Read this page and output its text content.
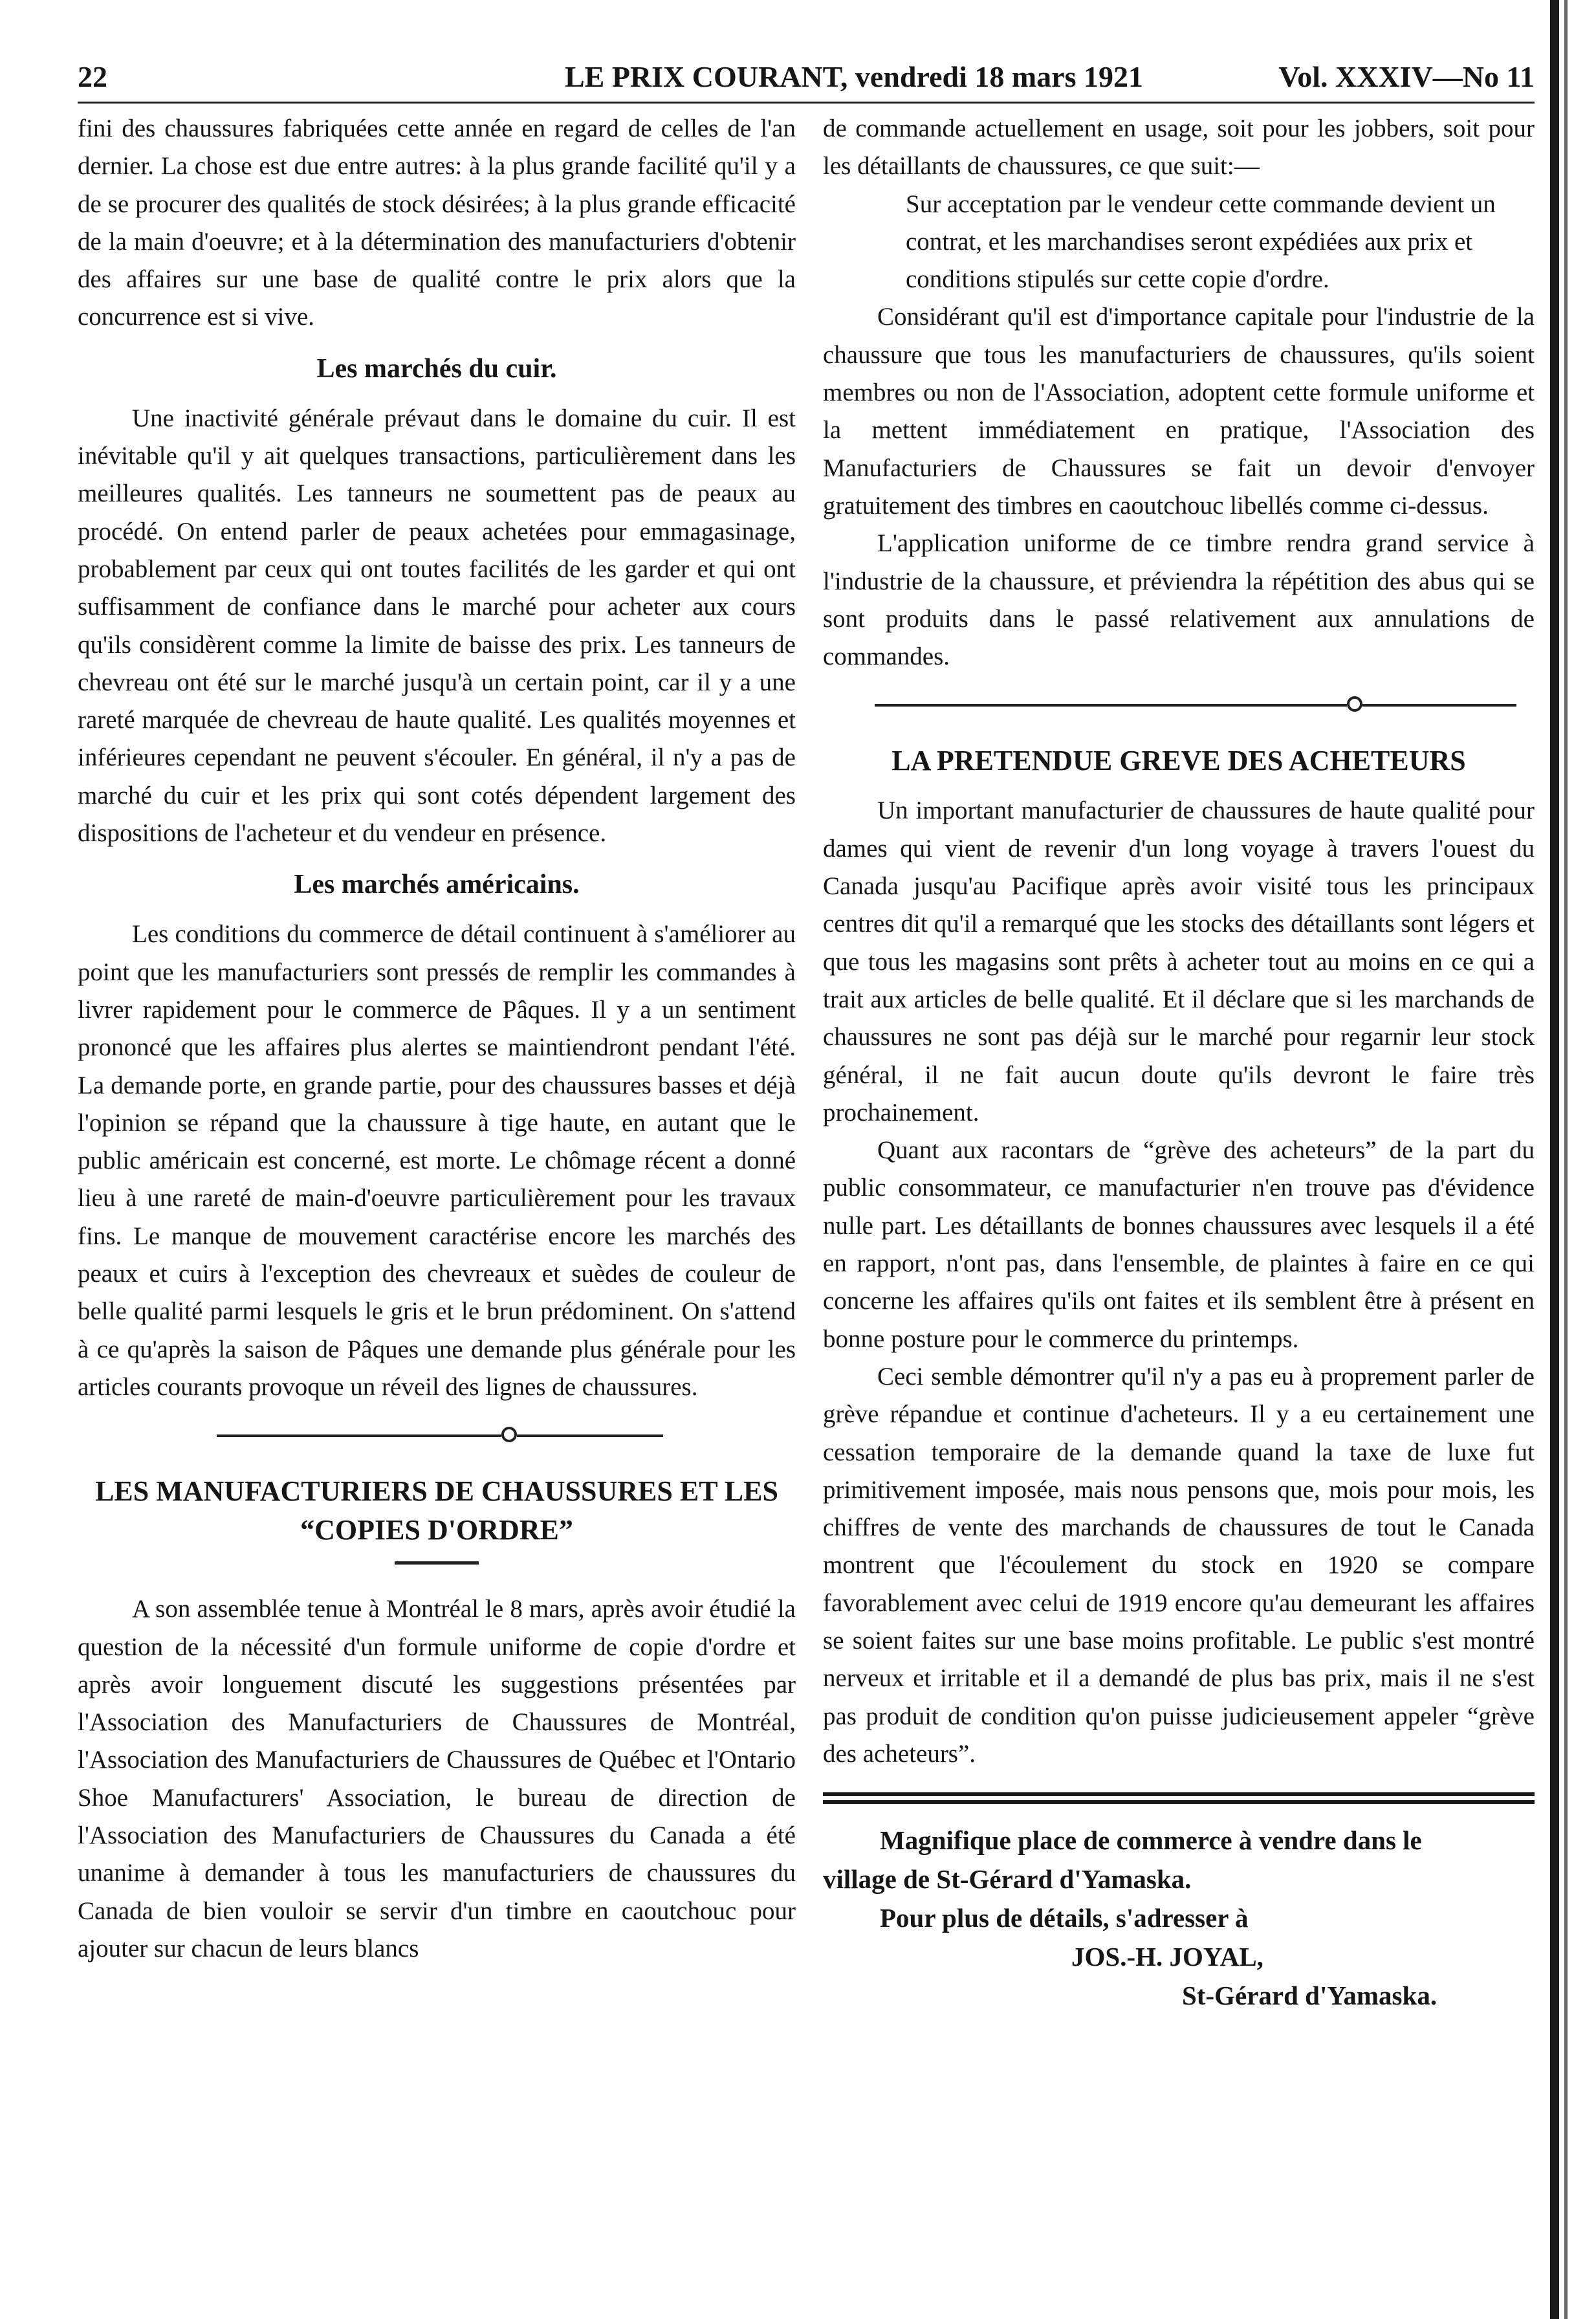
22	LE PRIX COURANT, vendredi 18 mars 1921	Vol. XXXIV—No 11

fini des chaussures fabriquées cette année en regard de celles de l'an dernier. La chose est due entre autres: à la plus grande facilité qu'il y a de se procurer des qualités de stock désirées; à la plus grande efficacité de la main d'oeuvre; et à la détermination des manufacturiers d'obtenir des affaires sur une base de qualité contre le prix alors que la concurrence est si vive.

Les marchés du cuir.

Une inactivité générale prévaut dans le domaine du cuir. Il est inévitable qu'il y ait quelques transactions, particulièrement dans les meilleures qualités. Les tanneurs ne soumettent pas de peaux au procédé. On entend parler de peaux achetées pour emmagasinage, probablement par ceux qui ont toutes facilités de les garder et qui ont suffisamment de confiance dans le marché pour acheter aux cours qu'ils considèrent comme la limite de baisse des prix. Les tanneurs de chevreau ont été sur le marché jusqu'à un certain point, car il y a une rareté marquée de chevreau de haute qualité. Les qualités moyennes et inférieures cependant ne peuvent s'écouler. En général, il n'y a pas de marché du cuir et les prix qui sont cotés dépendent largement des dispositions de l'acheteur et du vendeur en présence.

Les marchés américains.

Les conditions du commerce de détail continuent à s'améliorer au point que les manufacturiers sont pressés de remplir les commandes à livrer rapidement pour le commerce de Pâques. Il y a un sentiment prononcé que les affaires plus alertes se maintiendront pendant l'été. La demande porte, en grande partie, pour des chaussures basses et déjà l'opinion se répand que la chaussure à tige haute, en autant que le public américain est concerné, est morte. Le chômage récent a donné lieu à une rareté de main-d'oeuvre particulièrement pour les travaux fins. Le manque de mouvement caractérise encore les marchés des peaux et cuirs à l'exception des chevreaux et suèdes de couleur de belle qualité parmi lesquels le gris et le brun prédominent. On s'attend à ce qu'après la saison de Pâques une demande plus générale pour les articles courants provoque un réveil des lignes de chaussures.

LES MANUFACTURIERS DE CHAUSSURES ET LES “COPIES D'ORDRE”

A son assemblée tenue à Montréal le 8 mars, après avoir étudié la question de la nécessité d'un formule uniforme de copie d'ordre et après avoir longuement discuté les suggestions présentées par l'Association des Manufacturiers de Chaussures de Montréal, l'Association des Manufacturiers de Chaussures de Québec et l'Ontario Shoe Manufacturers' Association, le bureau de direction de l'Association des Manufacturiers de Chaussures du Canada a été unanime à demander à tous les manufacturiers de chaussures du Canada de bien vouloir se servir d'un timbre en caoutchouc pour ajouter sur chacun de leurs blancs

de commande actuellement en usage, soit pour les jobbers, soit pour les détaillants de chaussures, ce que suit:—

Sur acceptation par le vendeur cette commande devient un contrat, et les marchandises seront expédiées aux prix et conditions stipulés sur cette copie d'ordre.

Considérant qu'il est d'importance capitale pour l'industrie de la chaussure que tous les manufacturiers de chaussures, qu'ils soient membres ou non de l'Association, adoptent cette formule uniforme et la mettent immédiatement en pratique, l'Association des Manufacturiers de Chaussures se fait un devoir d'envoyer gratuitement des timbres en caoutchouc libellés comme ci-dessus.

L'application uniforme de ce timbre rendra grand service à l'industrie de la chaussure, et préviendra la répétition des abus qui se sont produits dans le passé relativement aux annulations de commandes.

LA PRETENDUE GREVE DES ACHETEURS

Un important manufacturier de chaussures de haute qualité pour dames qui vient de revenir d'un long voyage à travers l'ouest du Canada jusqu'au Pacifique après avoir visité tous les principaux centres dit qu'il a remarqué que les stocks des détaillants sont légers et que tous les magasins sont prêts à acheter tout au moins en ce qui a trait aux articles de belle qualité. Et il déclare que si les marchands de chaussures ne sont pas déjà sur le marché pour regarnir leur stock général, il ne fait aucun doute qu'ils devront le faire très prochainement.

Quant aux racontars de “grève des acheteurs” de la part du public consommateur, ce manufacturier n'en trouve pas d'évidence nulle part. Les détaillants de bonnes chaussures avec lesquels il a été en rapport, n'ont pas, dans l'ensemble, de plaintes à faire en ce qui concerne les affaires qu'ils ont faites et ils semblent être à présent en bonne posture pour le commerce du printemps.

Ceci semble démontrer qu'il n'y a pas eu à proprement parler de grève répandue et continue d'acheteurs. Il y a eu certainement une cessation temporaire de la demande quand la taxe de luxe fut primitivement imposée, mais nous pensons que, mois pour mois, les chiffres de vente des marchands de chaussures de tout le Canada montrent que l'écoulement du stock en 1920 se compare favorablement avec celui de 1919 encore qu'au demeurant les affaires se soient faites sur une base moins profitable. Le public s'est montré nerveux et irritable et il a demandé de plus bas prix, mais il ne s'est pas produit de condition qu'on puisse judicieusement appeler “grève des acheteurs”.

Magnifique place de commerce à vendre dans le
village de St-Gérard d'Yamaska.
Pour plus de détails, s'adresser à
JOS.-H. JOYAL,
St-Gérard d'Yamaska.
